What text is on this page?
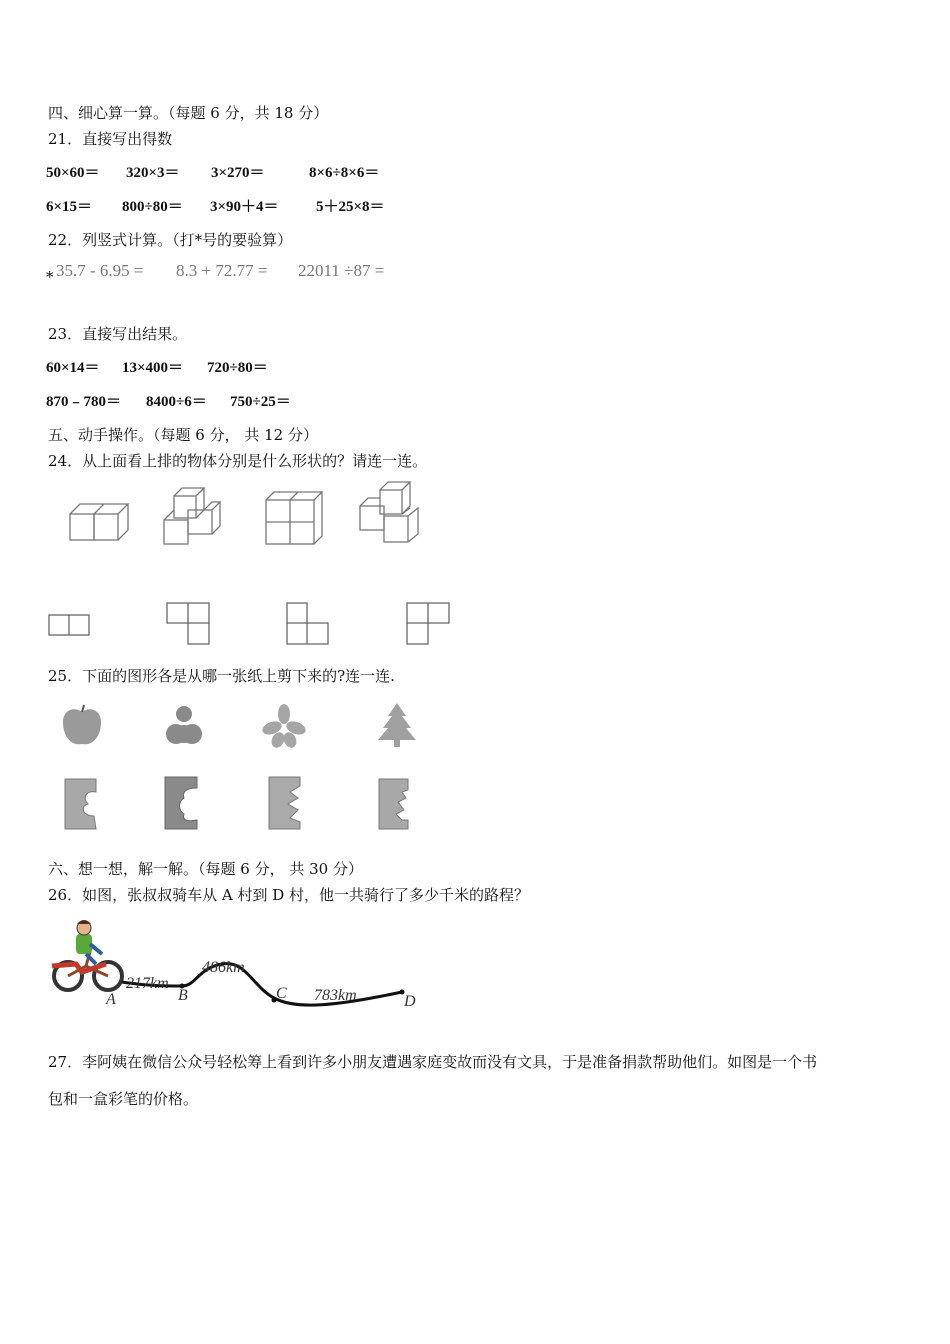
四、细心算一算。（每题 6 分，共 18 分）
21．直接写出得数
50×60＝	320×3＝	3×270＝	8×6÷8×6＝
6×15＝	800÷80＝	3×90＋4＝	5＋25×8＝
22．列竖式计算。（打*号的要验算）
* 35.7 - 6.95 =	8.3 + 72.77 =	22011 ÷87 =
23．直接写出结果。
60×14＝	13×400＝	720÷80＝
870﹣780＝	8400÷6＝	750÷25＝
五、动手操作。（每题 6 分， 共 12 分）
24．从上面看上排的物体分别是什么形状的？请连一连。
25．下面的图形各是从哪一张纸上剪下来的?连一连.
六、想一想，解一解。（每题 6 分， 共 30 分）
26．如图，张叔叔骑车从 A 村到 D 村，他一共骑行了多少千米的路程？
A	B	C	D
217km
486km
783km
27．李阿姨在微信公众号轻松筹上看到许多小朋友遭遇家庭变故而没有文具，于是准备捐款帮助他们。如图是一个书
包和一盒彩笔的价格。
